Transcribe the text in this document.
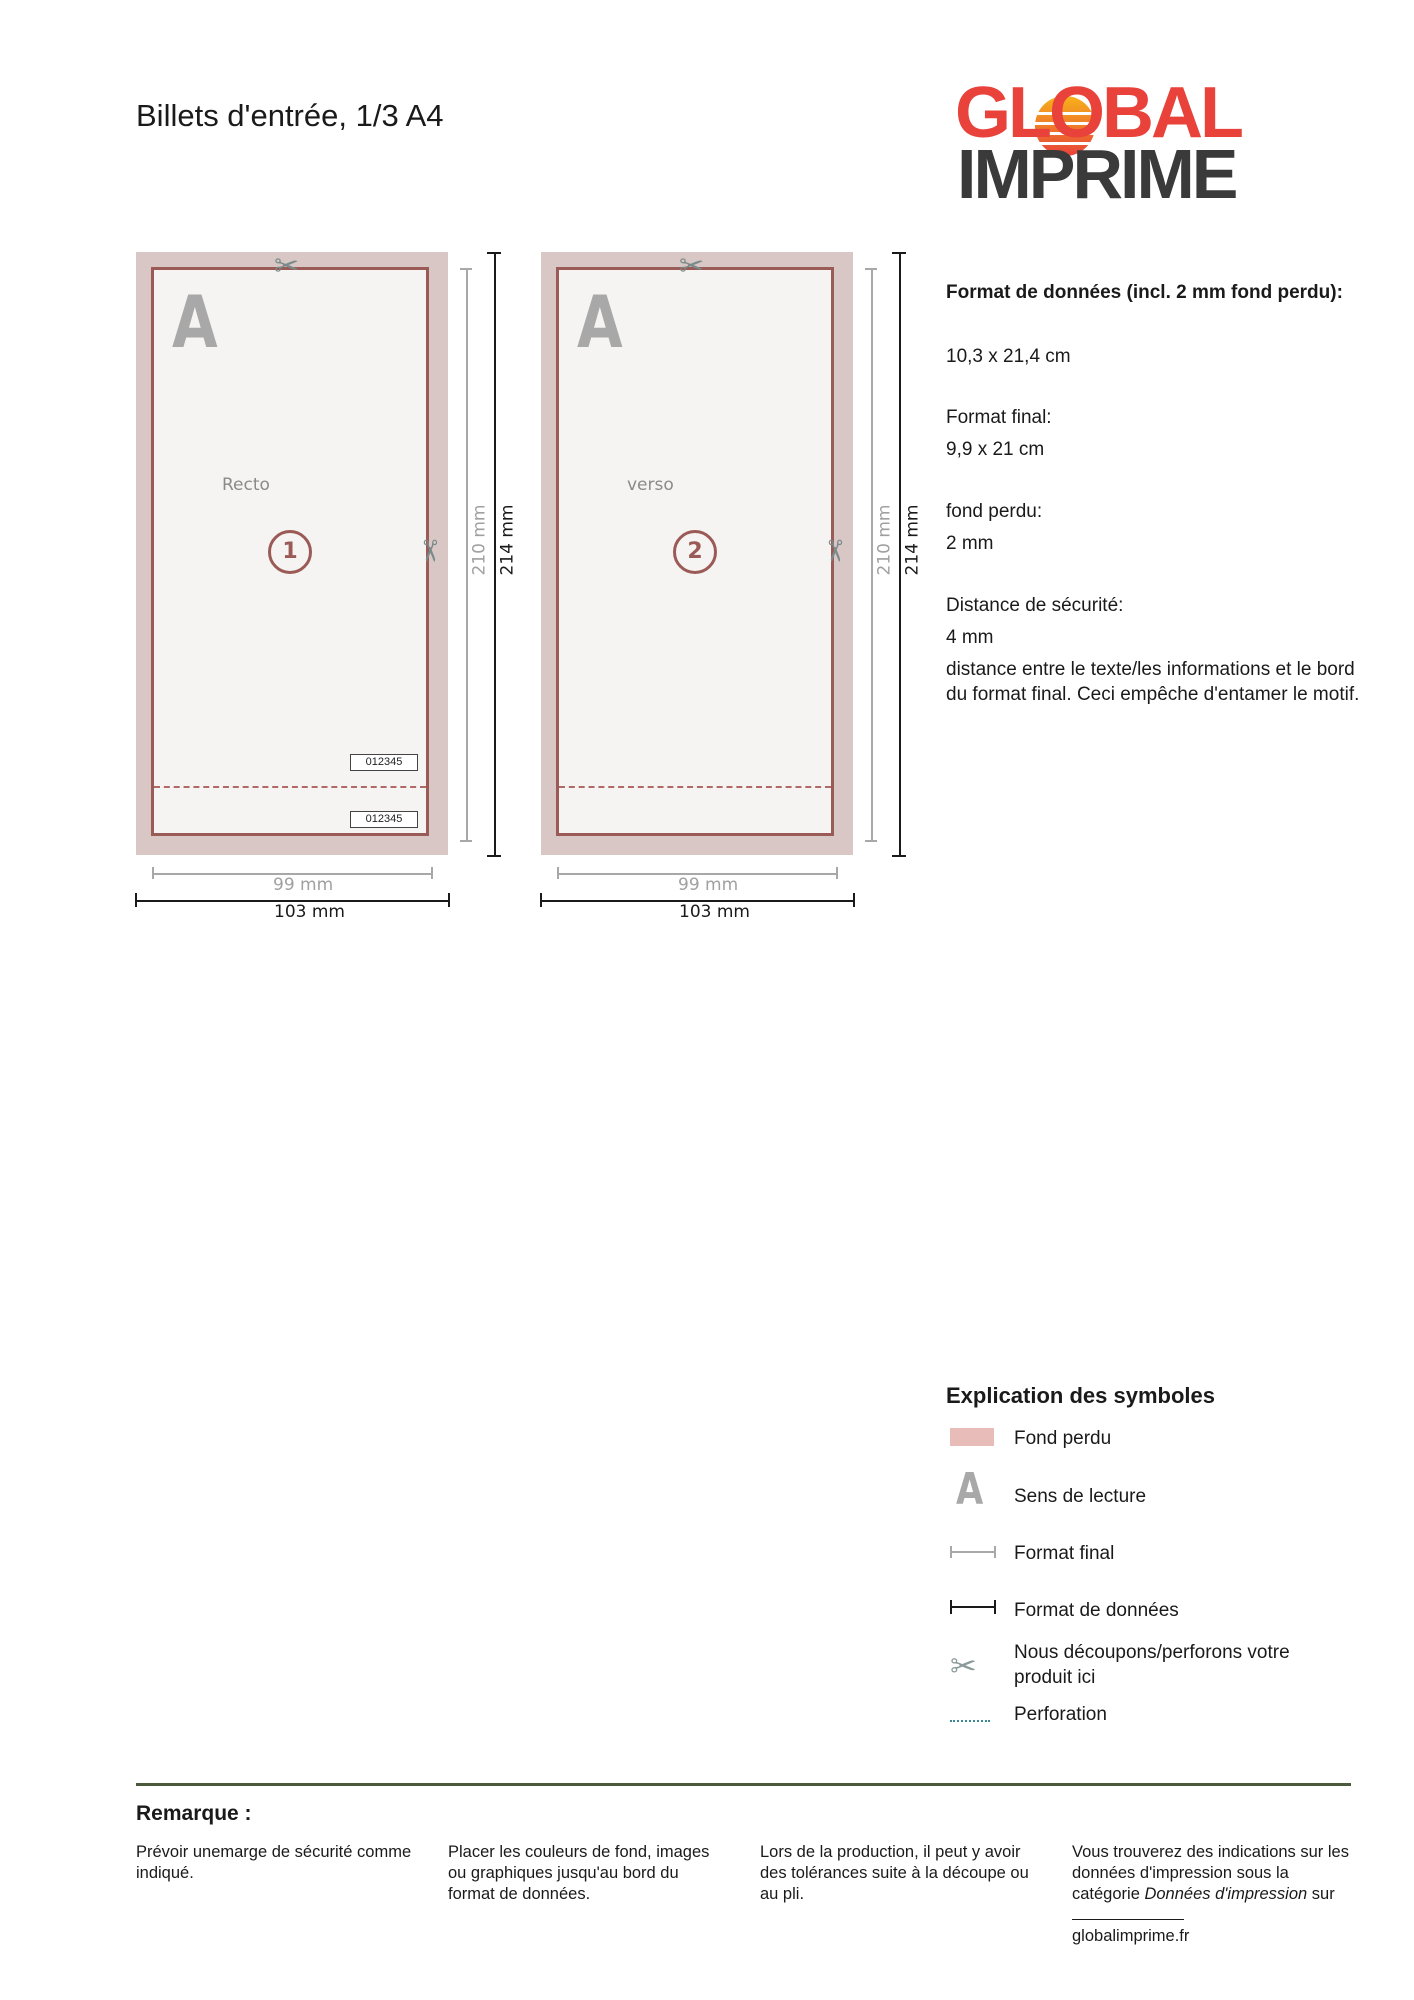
Billets d'entrée, 1/3 A4	GLOBAL
IMPRIME
A
Recto
1
012345
012345
✂
✂
A
verso
2
✂
✂
210 mm 214 mm	210 mm 214 mm
99 mm
103 mm
99 mm
103 mm
Format de données (incl. 2 mm fond perdu):
10,3 x 21,4 cm
Format final:
9,9 x 21 cm
fond perdu:
2 mm
Distance de sécurité:
4 mm
distance entre le texte/les informations et le bord du format final. Ceci empêche d'entamer le motif.
Explication des symboles
Fond perdu
A Sens de lecture
Format final
Format de données
✂ Nous découpons/perforons votre produit ici
Perforation
Remarque :
Prévoir unemarge de sécurité comme indiqué.
Placer les couleurs de fond, images ou graphiques jusqu'au bord du format de données.
Lors de la production, il peut y avoir des tolérances suite à la découpe ou au pli.
Vous trouverez des indications sur les données d'impression sous la catégorie Données d'impression sur
globalimprime.fr
